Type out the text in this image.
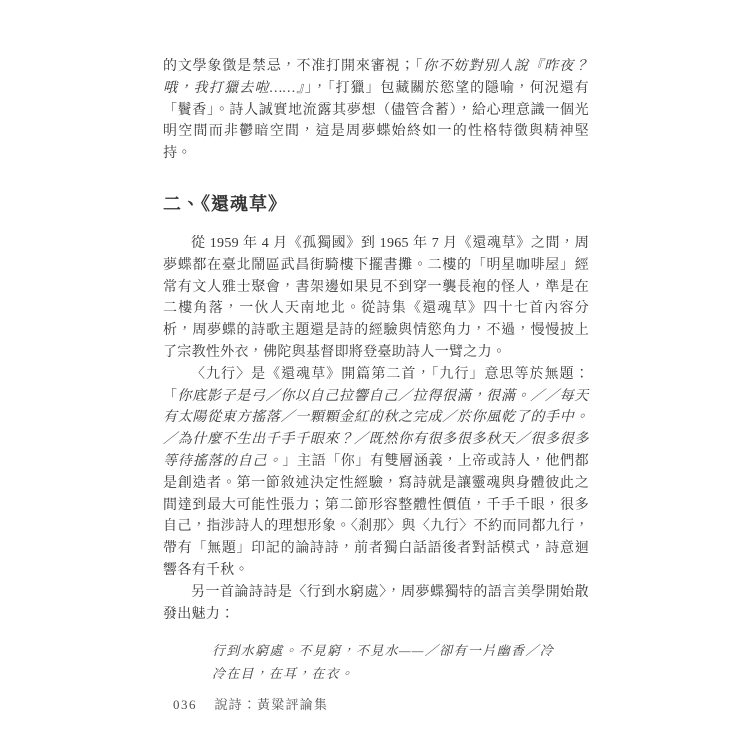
的文學象徵是禁忌，不准打開來審視；「你不妨對別人說『昨夜？哦，我打獵去啦……』」，「打獵」包藏關於慾望的隱喻，何況還有「鬢香」。詩人誠實地流露其夢想（儘管含蓄），給心理意識一個光明空間而非鬱暗空間，這是周夢蝶始終如一的性格特徵與精神堅持。

二、《還魂草》

從 1959 年 4 月《孤獨國》到 1965 年 7 月《還魂草》之間，周夢蝶都在臺北鬧區武昌街騎樓下擺書攤。二樓的「明星咖啡屋」經常有文人雅士聚會，書架邊如果見不到穿一襲長袍的怪人，準是在二樓角落，一伙人天南地北。從詩集《還魂草》四十七首內容分析，周夢蝶的詩歌主題還是詩的經驗與情慾角力，不過，慢慢披上了宗教性外衣，佛陀與基督即將登臺助詩人一臂之力。

〈九行〉是《還魂草》開篇第二首，「九行」意思等於無題：「你底影子是弓／你以自己拉響自己／拉得很滿，很滿。／／每天有太陽從東方搖落／一顆顆金紅的秋之完成／於你風乾了的手中。／為什麼不生出千手千眼來？／既然你有很多很多秋天／很多很多等待搖落的自己。」主語「你」有雙層涵義，上帝或詩人，他們都是創造者。第一節敘述決定性經驗，寫詩就是讓靈魂與身體彼此之間達到最大可能性張力；第二節形容整體性價值，千手千眼，很多自己，指涉詩人的理想形象。〈剎那〉與〈九行〉不約而同都九行，帶有「無題」印記的論詩詩，前者獨白話語後者對話模式，詩意迴響各有千秋。

另一首論詩詩是〈行到水窮處〉，周夢蝶獨特的語言美學開始散發出魅力：

行到水窮處。不見窮，不見水——／卻有一片幽香／冷冷在目，在耳，在衣。
036 說詩：黃粱評論集
